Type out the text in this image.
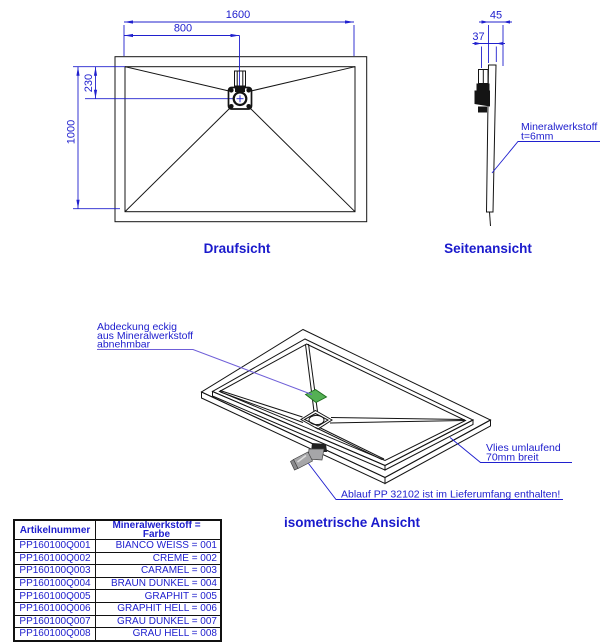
1600
800
230
1000
Draufsicht
45
37
Mineralwerkstoff
t=6mm
Seitenansicht
Abdeckung eckig
aus Mineralwerkstoff
abnehmbar
Vlies umlaufend
70mm breit
Ablauf PP 32102 ist im Lieferumfang enthalten!
isometrische Ansicht
Artikelnummer	Mineralwerkstoff =
Farbe

PP160100Q001	BIANCO WEISS = 001
PP160100Q002	CREME = 002
PP160100Q003	CARAMEL = 003
PP160100Q004	BRAUN DUNKEL = 004
PP160100Q005	GRAPHIT = 005
PP160100Q006	GRAPHIT HELL = 006
PP160100Q007	GRAU DUNKEL = 007
PP160100Q008	GRAU HELL = 008
